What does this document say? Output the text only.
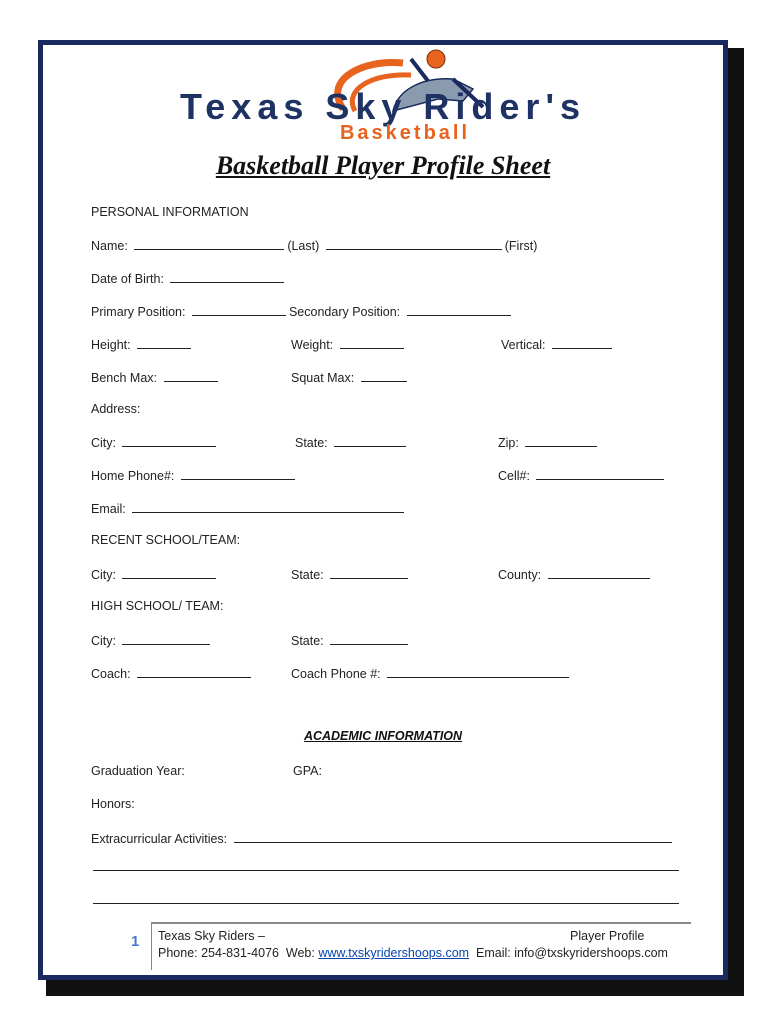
Texas Sky Rider's
Basketball
Basketball Player Profile Sheet
PERSONAL INFORMATION
Name:	(Last)	(First)
Date of Birth:
Primary Position:	Secondary Position:
Height:	Weight:	Vertical:
Bench Max:	Squat Max:
Address:
City:	State:	Zip:
Home Phone#:	Cell#:
Email:
RECENT SCHOOL/TEAM:
City:	State:	County:
HIGH SCHOOL/ TEAM:
City:	State:
Coach:	Coach Phone #:
ACADEMIC INFORMATION
Graduation Year:	GPA:
Honors:
Extracurricular Activities:
1 Texas Sky Riders –	Player Profile
Phone: 254-831-4076 Web: www.txskyridershoops.com Email: info@txskyridershoops.com
